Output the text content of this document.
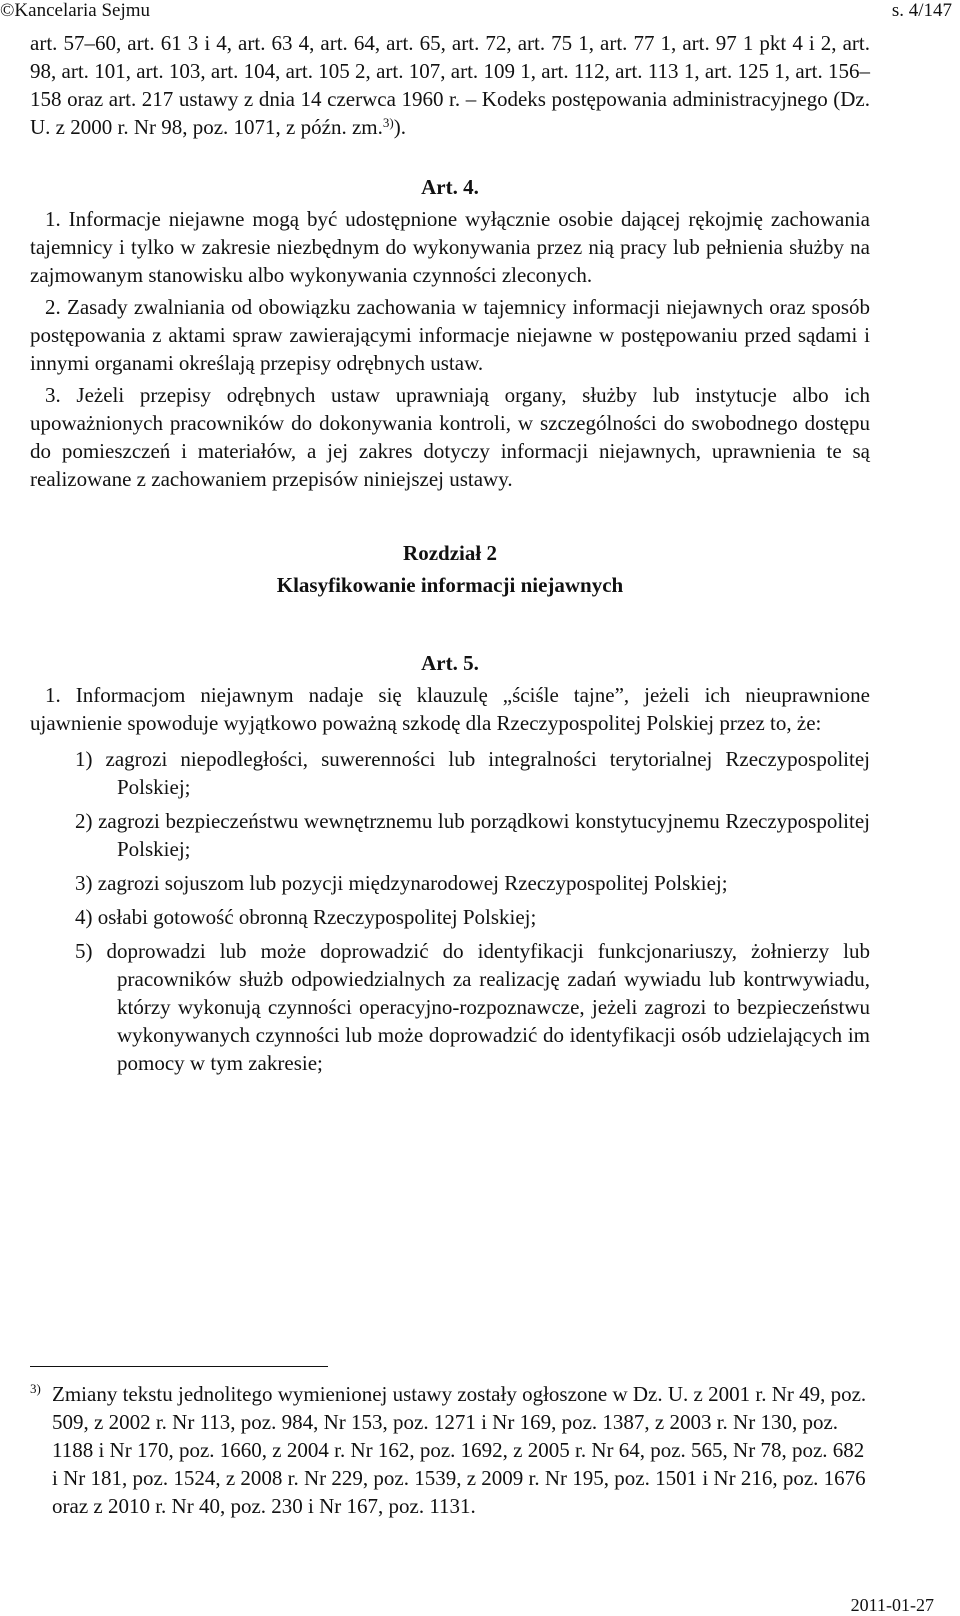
©Kancelaria Sejmu	s. 4/147

art. 57–60, art. 61 3 i 4, art. 63 4, art. 64, art. 65, art. 72, art. 75 1, art. 77 1, art. 97 1 pkt 4 i 2, art. 98, art. 101, art. 103, art. 104, art. 105 2, art. 107, art. 109 1, art. 112, art. 113 1, art. 125 1, art. 156–158 oraz art. 217 ustawy z dnia 14 czerwca 1960 r. – Kodeks postępowania administracyjnego (Dz. U. z 2000 r. Nr 98, poz. 1071, z późn. zm.$^{3)}$).

Art. 4.

1. Informacje niejawne mogą być udostępnione wyłącznie osobie dającej rękojmię zachowania tajemnicy i tylko w zakresie niezbędnym do wykonywania przez nią pracy lub pełnienia służby na zajmowanym stanowisku albo wykonywania czynności zleconych.

2. Zasady zwalniania od obowiązku zachowania w tajemnicy informacji niejawnych oraz sposób postępowania z aktami spraw zawierającymi informacje niejawne w postępowaniu przed sądami i innymi organami określają przepisy odrębnych ustaw.

3. Jeżeli przepisy odrębnych ustaw uprawniają organy, służby lub instytucje albo ich upoważnionych pracowników do dokonywania kontroli, w szczególności do swobodnego dostępu do pomieszczeń i materiałów, a jej zakres dotyczy informacji niejawnych, uprawnienia te są realizowane z zachowaniem przepisów niniejszej ustawy.

Rozdział 2
Klasyfikowanie informacji niejawnych
Art. 5.

1. Informacjom niejawnym nadaje się klauzulę „ściśle tajne”, jeżeli ich nieuprawnione ujawnienie spowoduje wyjątkowo poważną szkodę dla Rzeczypospolitej Polskiej przez to, że:

1) zagrozi niepodległości, suwerenności lub integralności terytorialnej Rzeczypospolitej Polskiej;

2) zagrozi bezpieczeństwu wewnętrznemu lub porządkowi konstytucyjnemu Rzeczypospolitej Polskiej;

3) zagrozi sojuszom lub pozycji międzynarodowej Rzeczypospolitej Polskiej;

4) osłabi gotowość obronną Rzeczypospolitej Polskiej;

5) doprowadzi lub może doprowadzić do identyfikacji funkcjonariuszy, żołnierzy lub pracowników służb odpowiedzialnych za realizację zadań wywiadu lub kontrwywiadu, którzy wykonują czynności operacyjno-rozpoznawcze, jeżeli zagrozi to bezpieczeństwu wykonywanych czynności lub może doprowadzić do identyfikacji osób udzielających im pomocy w tym zakresie;

$^{3)}$ Zmiany tekstu jednolitego wymienionej ustawy zostały ogłoszone w Dz. U. z 2001 r. Nr 49, poz. 509, z 2002 r. Nr 113, poz. 984, Nr 153, poz. 1271 i Nr 169, poz. 1387, z 2003 r. Nr 130, poz. 1188 i Nr 170, poz. 1660, z 2004 r. Nr 162, poz. 1692, z 2005 r. Nr 64, poz. 565, Nr 78, poz. 682 i Nr 181, poz. 1524, z 2008 r. Nr 229, poz. 1539, z 2009 r. Nr 195, poz. 1501 i Nr 216, poz. 1676 oraz z 2010 r. Nr 40, poz. 230 i Nr 167, poz. 1131.

2011-01-27
